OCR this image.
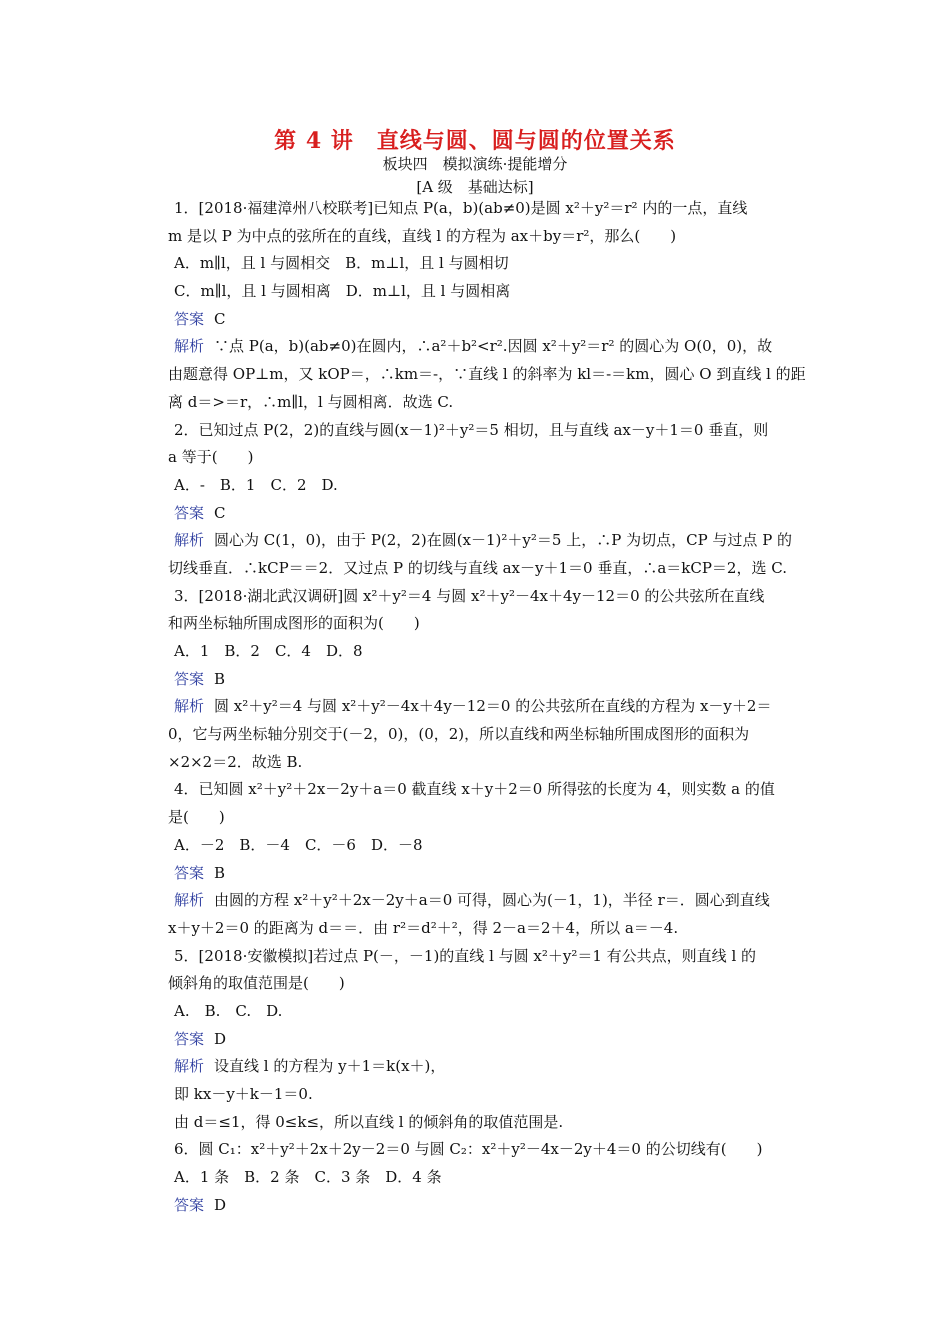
第 4 讲　直线与圆、圆与圆的位置关系
板块四　模拟演练·提能增分
[A 级　基础达标]
1．[2018·福建漳州八校联考]已知点 P(a，b)(ab≠0)是圆 x²＋y²＝r² 内的一点，直线
m 是以 P 为中点的弦所在的直线，直线 l 的方程为 ax＋by＝r²，那么(　　)
A．m∥l，且 l 与圆相交　B．m⊥l，且 l 与圆相切
C．m∥l，且 l 与圆相离　D．m⊥l，且 l 与圆相离
答案 C
解析 ∵点 P(a，b)(ab≠0)在圆内，∴a²＋b²<r².因圆 x²＋y²＝r² 的圆心为 O(0，0)，故
由题意得 OP⊥m，又 kOP＝，∴km＝-，∵直线 l 的斜率为 kl＝-＝km，圆心 O 到直线 l 的距
离 d＝>＝r，∴m∥l，l 与圆相离．故选 C.
2．已知过点 P(2，2)的直线与圆(x－1)²＋y²＝5 相切，且与直线 ax－y＋1＝0 垂直，则
a 等于(　　)
A．-　B．1　C．2　D.
答案 C
解析 圆心为 C(1，0)，由于 P(2，2)在圆(x－1)²＋y²＝5 上，∴P 为切点，CP 与过点 P 的
切线垂直．∴kCP＝＝2．又过点 P 的切线与直线 ax－y＋1＝0 垂直，∴a＝kCP＝2，选 C.
3．[2018·湖北武汉调研]圆 x²＋y²＝4 与圆 x²＋y²－4x＋4y－12＝0 的公共弦所在直线
和两坐标轴所围成图形的面积为(　　)
A．1　B．2　C．4　D．8
答案 B
解析 圆 x²＋y²＝4 与圆 x²＋y²－4x＋4y－12＝0 的公共弦所在直线的方程为 x－y＋2＝
0，它与两坐标轴分别交于(－2，0)，(0，2)，所以直线和两坐标轴所围成图形的面积为
×2×2＝2．故选 B.
4．已知圆 x²＋y²＋2x－2y＋a＝0 截直线 x＋y＋2＝0 所得弦的长度为 4，则实数 a 的值
是(　　)
A．－2　B．－4　C．－6　D．－8
答案 B
解析 由圆的方程 x²＋y²＋2x－2y＋a＝0 可得，圆心为(－1，1)，半径 r＝．圆心到直线
x＋y＋2＝0 的距离为 d＝＝．由 r²＝d²＋²，得 2－a＝2＋4，所以 a＝－4.
5．[2018·安徽模拟]若过点 P(－，－1)的直线 l 与圆 x²＋y²＝1 有公共点，则直线 l 的
倾斜角的取值范围是(　　)
A.　B.　C.　D.
答案 D
解析 设直线 l 的方程为 y＋1＝k(x＋)，
即 kx－y＋k－1＝0.
由 d＝≤1，得 0≤k≤，所以直线 l 的倾斜角的取值范围是.
6．圆 C₁：x²＋y²＋2x＋2y－2＝0 与圆 C₂：x²＋y²－4x－2y＋4＝0 的公切线有(　　)
A．1 条　B．2 条　C．3 条　D．4 条
答案 D
